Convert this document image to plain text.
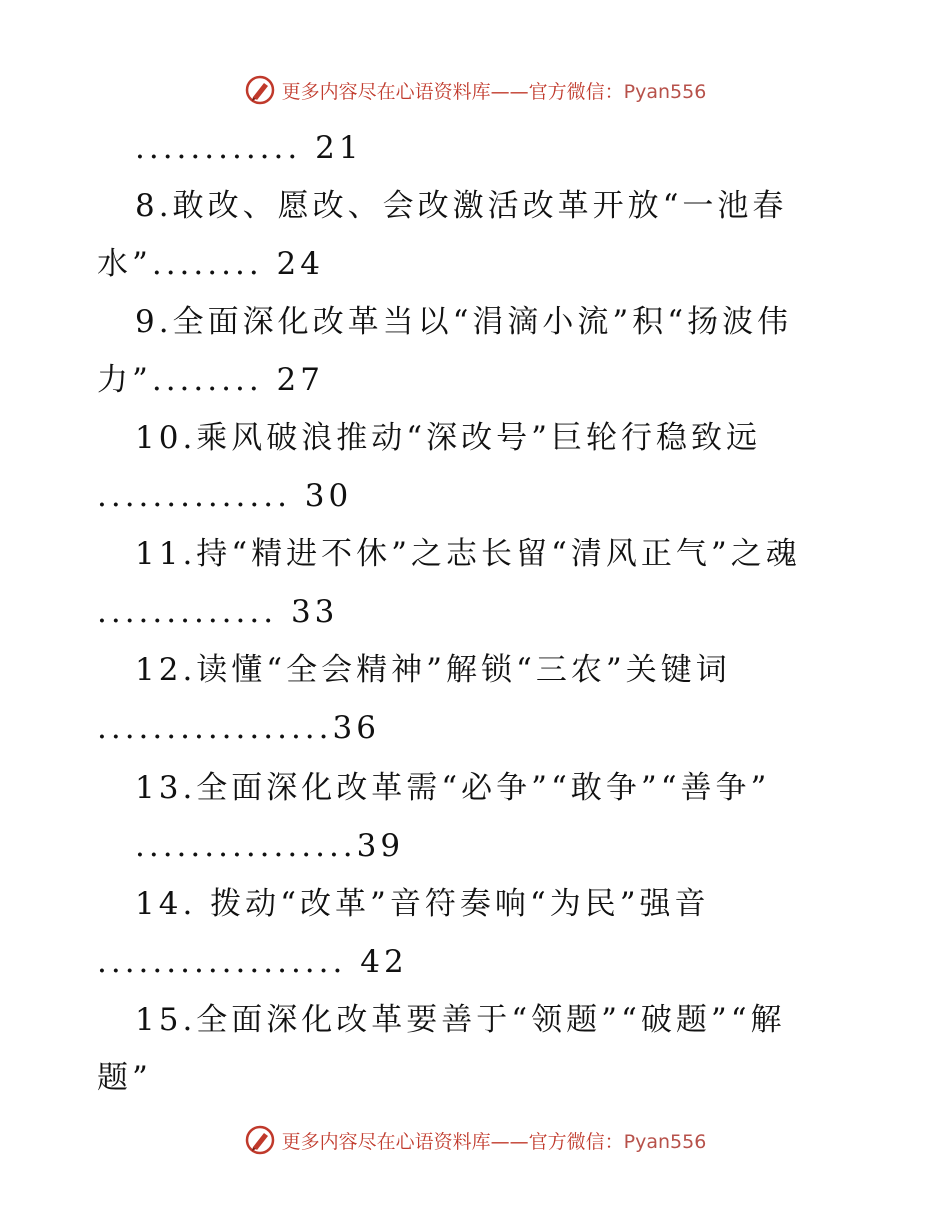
更多内容尽在心语资料库——官方微信：Pyan556
............ 21
8.敢改、愿改、会改激活改革开放“一池春
水”........ 24
9.全面深化改革当以“涓滴小流”积“扬波伟
力”........ 27
10.乘风破浪推动“深改号”巨轮行稳致远
.............. 30
11.持“精进不休”之志长留“清风正气”之魂
............. 33
12.读懂“全会精神”解锁“三农”关键词
.................36
13.全面深化改革需“必争”“敢争”“善争”
................39
14. 拨动“改革”音符奏响“为民”强音
.................. 42
15.全面深化改革要善于“领题”“破题”“解
题”
更多内容尽在心语资料库——官方微信：Pyan556
